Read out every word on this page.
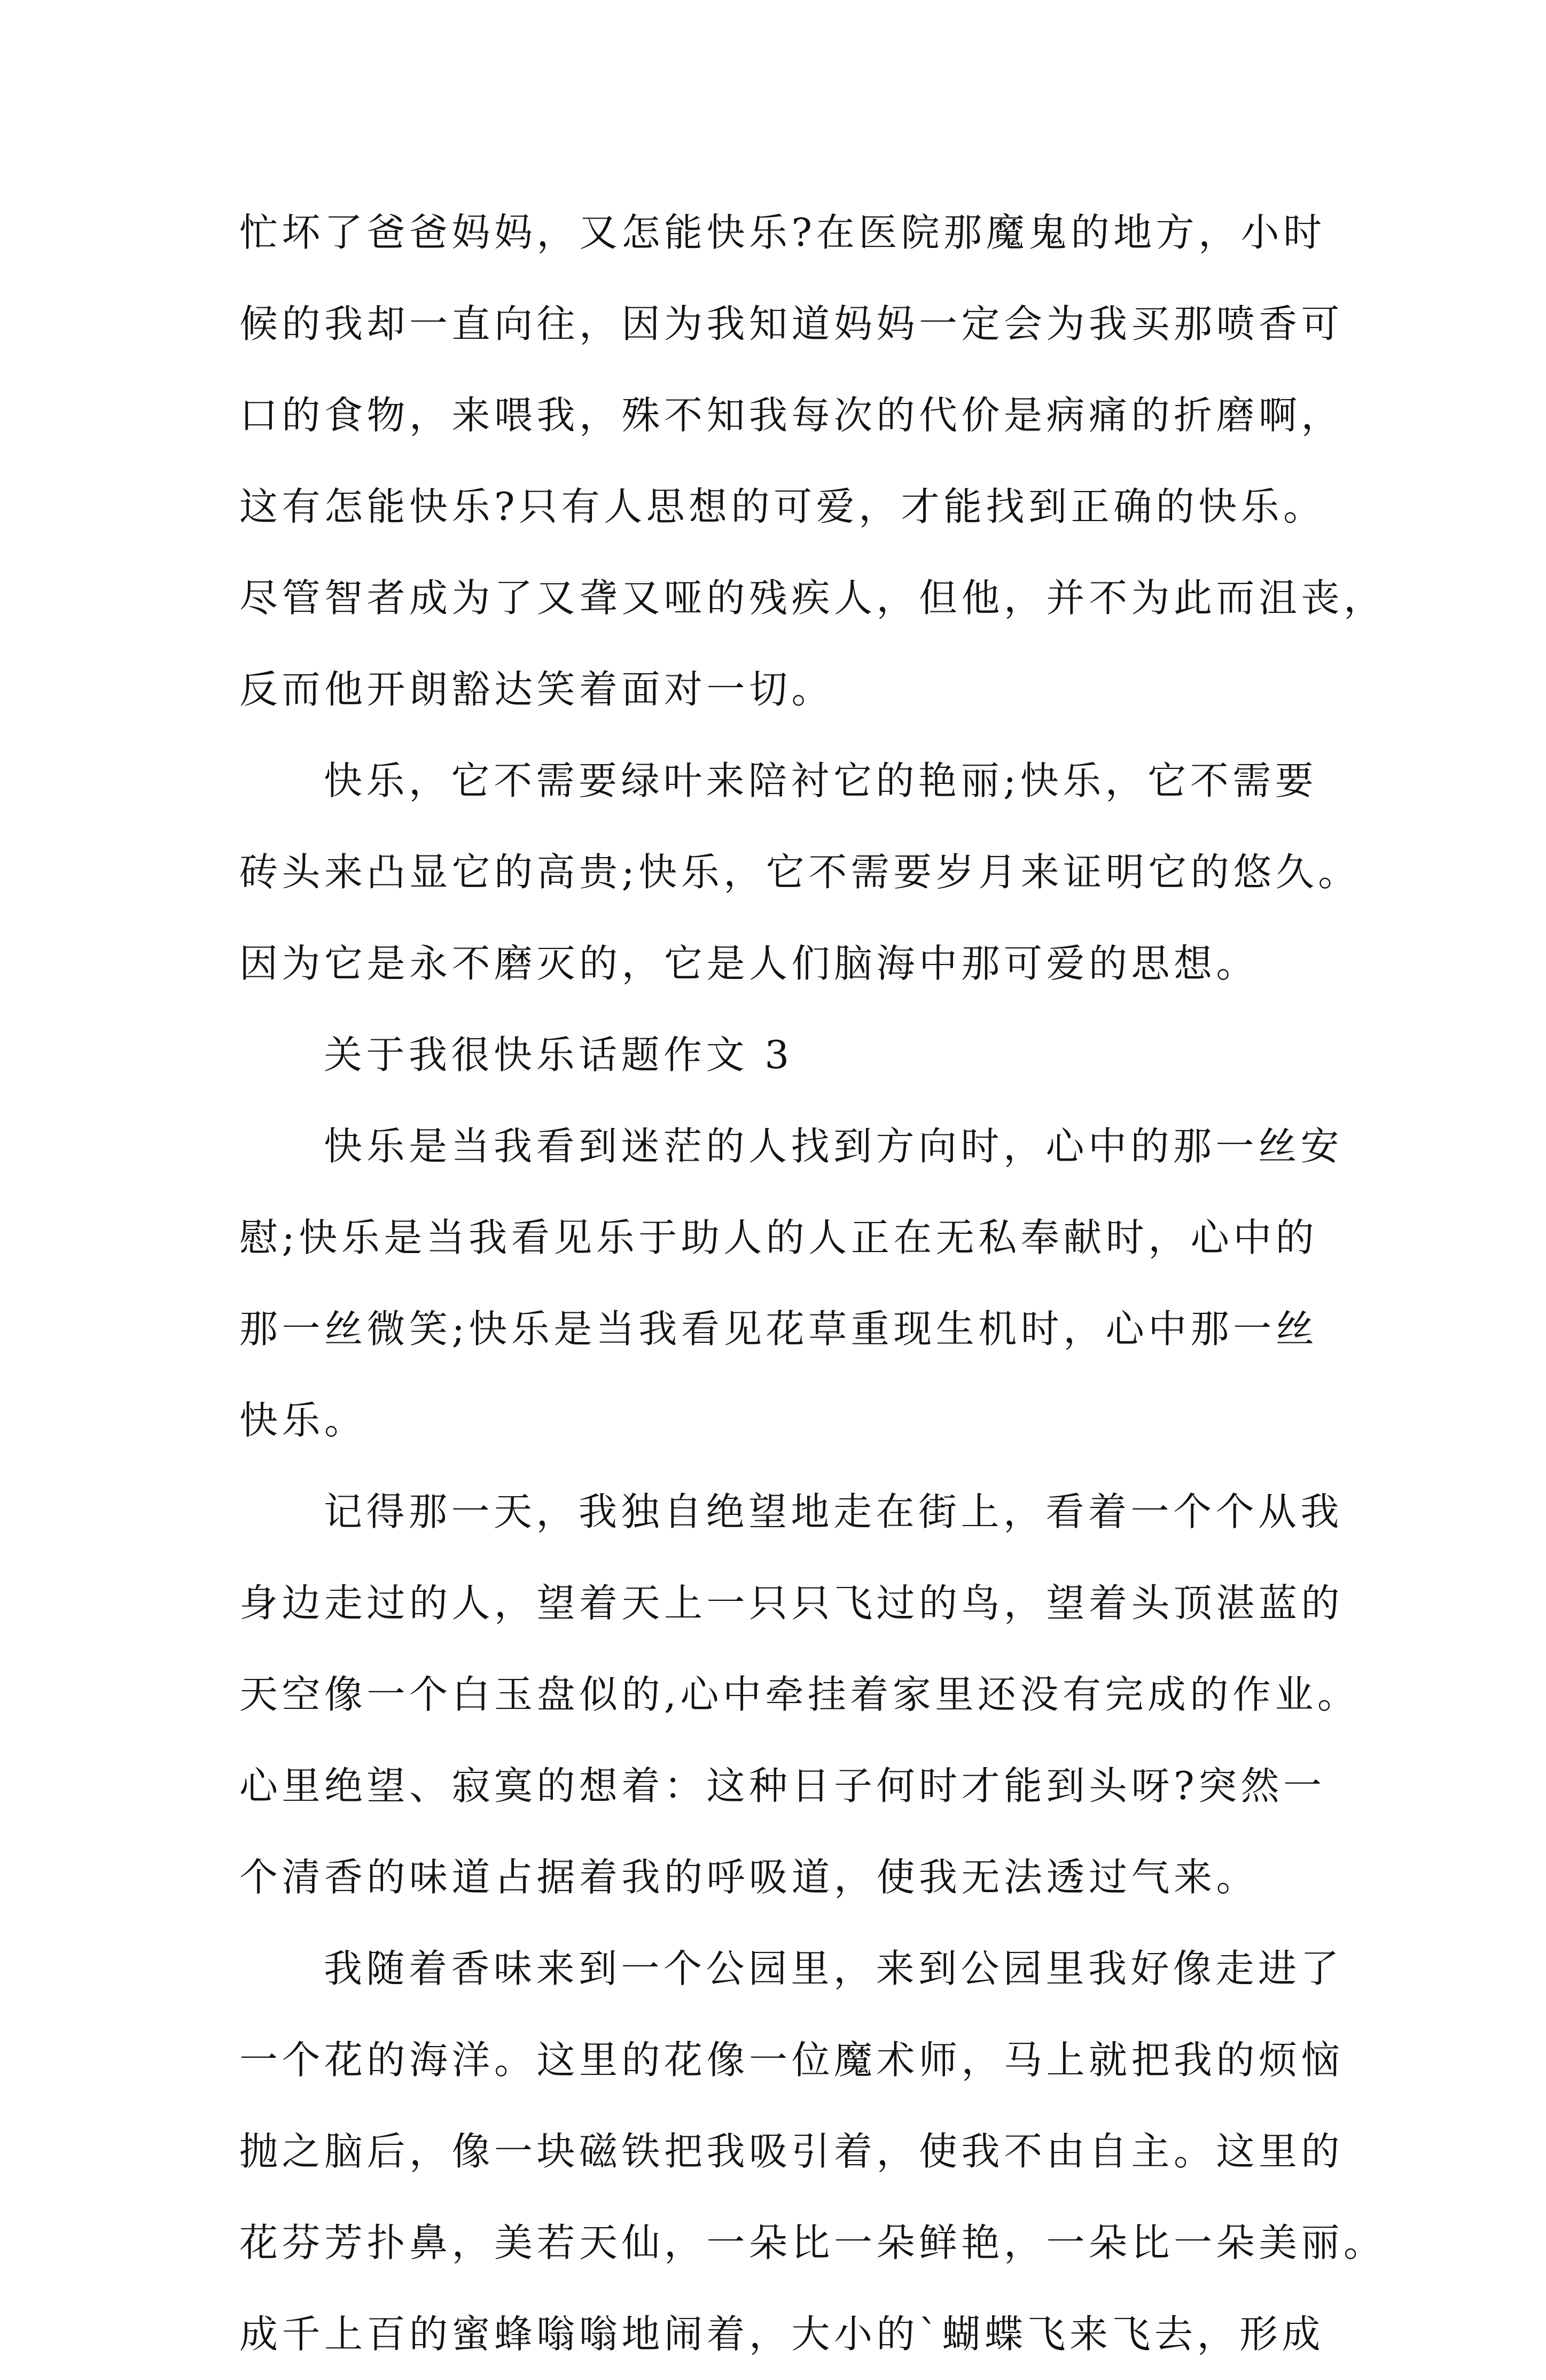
忙坏了爸爸妈妈，又怎能快乐?在医院那魔鬼的地方，小时
候的我却一直向往，因为我知道妈妈一定会为我买那喷香可
口的食物，来喂我，殊不知我每次的代价是病痛的折磨啊，
这有怎能快乐?只有人思想的可爱，才能找到正确的快乐。
尽管智者成为了又聋又哑的残疾人，但他，并不为此而沮丧，
反而他开朗豁达笑着面对一切。
快乐，它不需要绿叶来陪衬它的艳丽;快乐，它不需要
砖头来凸显它的高贵;快乐，它不需要岁月来证明它的悠久。
因为它是永不磨灭的，它是人们脑海中那可爱的思想。
关于我很快乐话题作文 3
快乐是当我看到迷茫的人找到方向时，心中的那一丝安
慰;快乐是当我看见乐于助人的人正在无私奉献时，心中的
那一丝微笑;快乐是当我看见花草重现生机时，心中那一丝
快乐。
记得那一天，我独自绝望地走在街上，看着一个个从我
身边走过的人，望着天上一只只飞过的鸟，望着头顶湛蓝的
天空像一个白玉盘似的,心中牵挂着家里还没有完成的作业。
心里绝望、寂寞的想着：这种日子何时才能到头呀?突然一
个清香的味道占据着我的呼吸道，使我无法透过气来。
我随着香味来到一个公园里，来到公园里我好像走进了
一个花的海洋。这里的花像一位魔术师，马上就把我的烦恼
抛之脑后，像一块磁铁把我吸引着，使我不由自主。这里的
花芬芳扑鼻，美若天仙，一朵比一朵鲜艳，一朵比一朵美丽。
成千上百的蜜蜂嗡嗡地闹着，大小的`蝴蝶飞来飞去，形成
